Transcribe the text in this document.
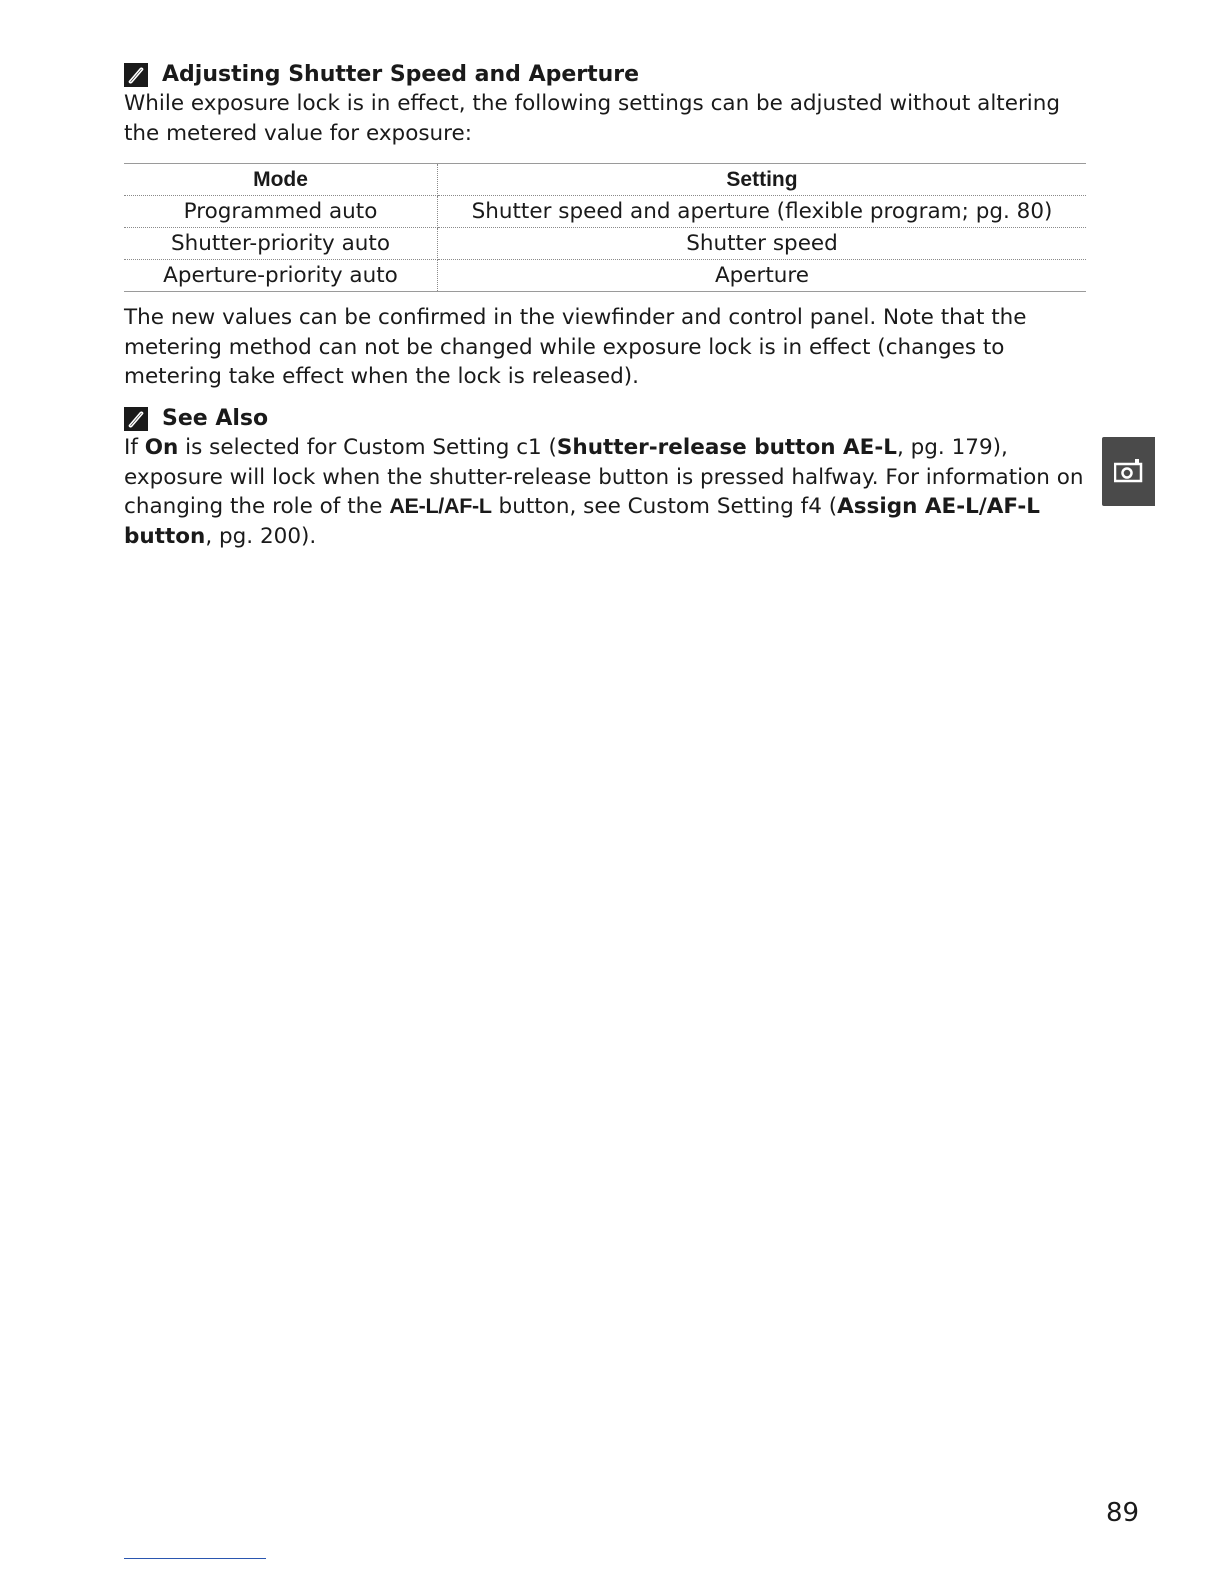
Adjusting Shutter Speed and Aperture

While exposure lock is in effect, the following settings can be adjusted without altering the metered value for exposure:

Mode	Setting
Programmed auto	Shutter speed and aperture (flexible program; pg. 80)
Shutter-priority auto	Shutter speed
Aperture-priority auto	Aperture

The new values can be confirmed in the viewfinder and control panel. Note that the metering method can not be changed while exposure lock is in effect (changes to metering take effect when the lock is released).

See Also

If On is selected for Custom Setting c1 (Shutter-release button AE-L, pg. 179), exposure will lock when the shutter-release button is pressed halfway. For information on changing the role of the AE-L/AF-L button, see Custom Setting f4 (Assign AE-L/AF-L button, pg. 200).

89
